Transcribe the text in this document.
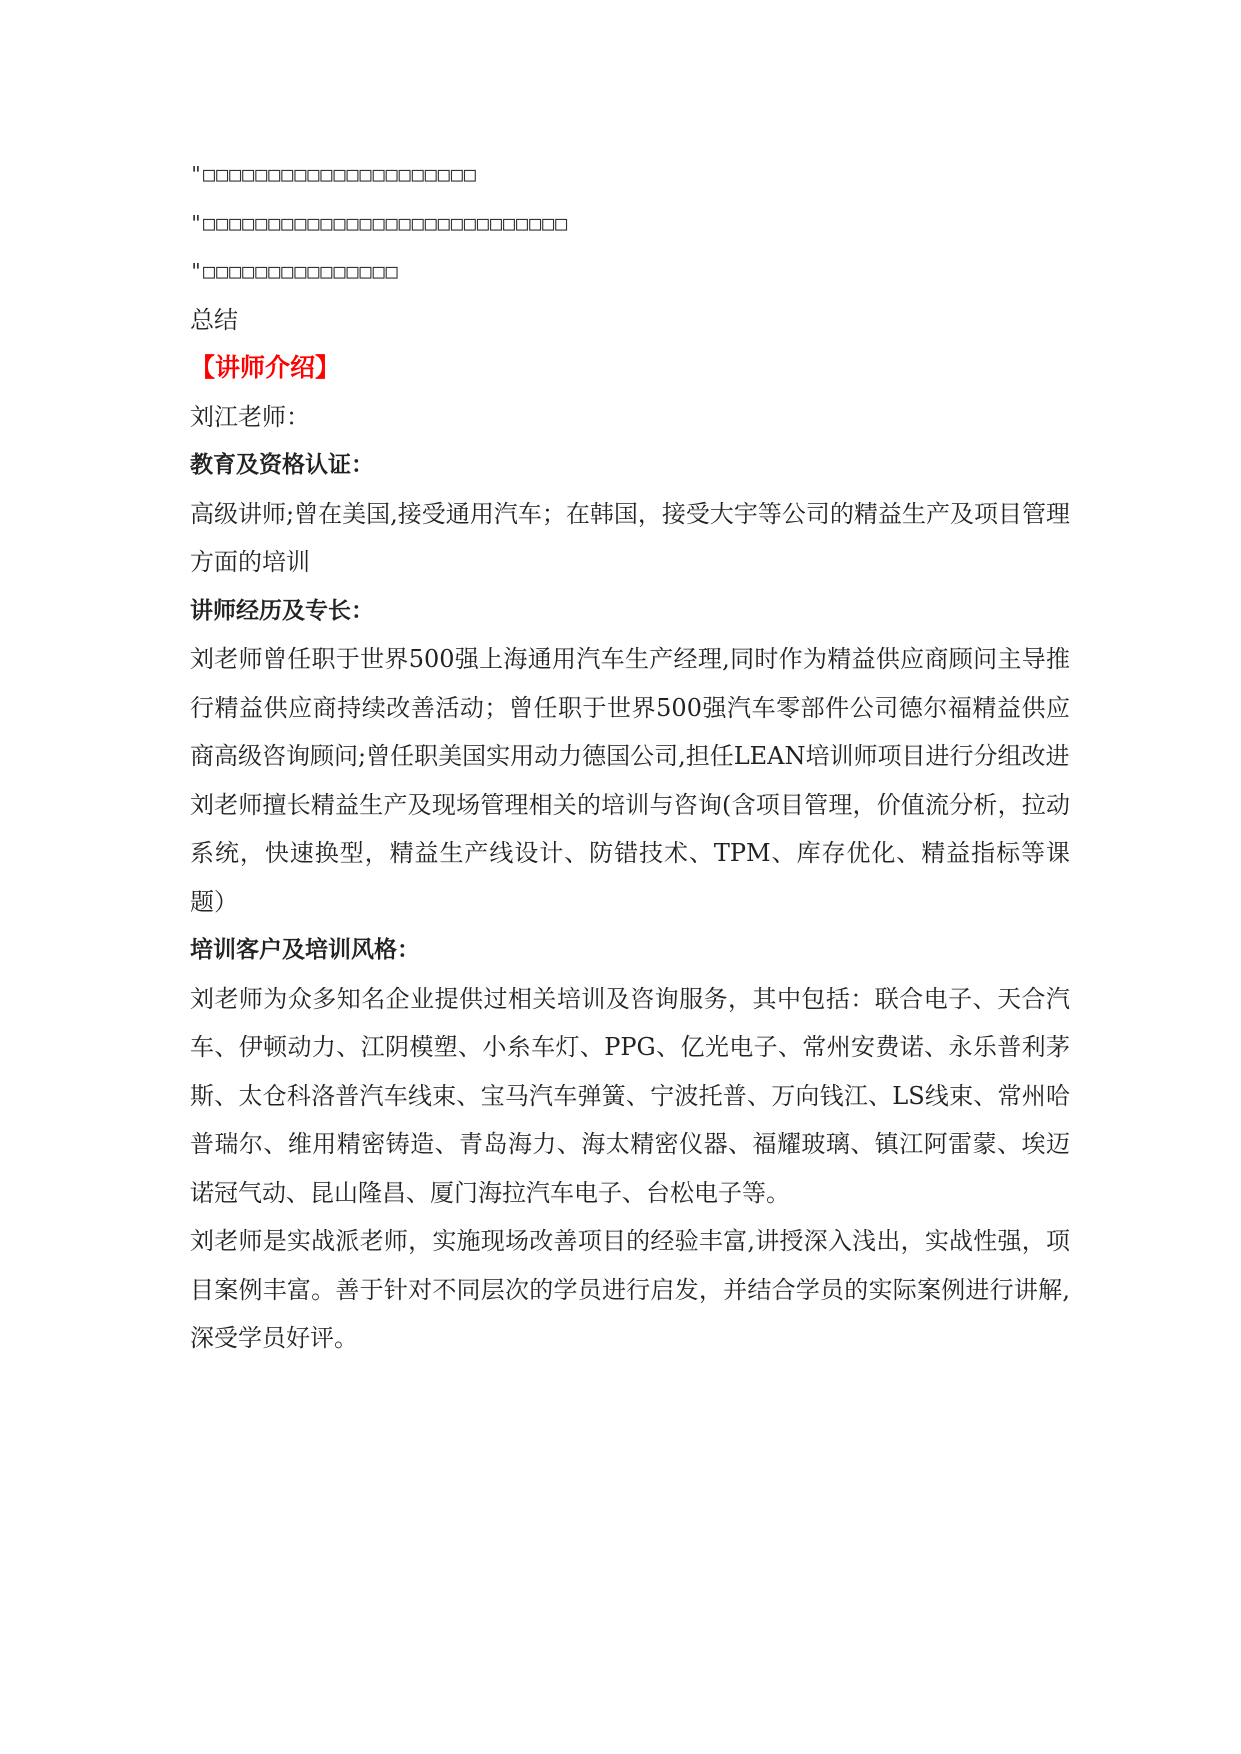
"□□□□□□□□□□□□□□□□□□□□□
"□□□□□□□□□□□□□□□□□□□□□□□□□□□□
"□□□□□□□□□□□□□□□
总结
【讲师介绍】
刘江老师：
教育及资格认证：
高级讲师;曾在美国,接受通用汽车；在韩国，接受大宇等公司的精益生产及项目管理方面的培训
讲师经历及专长：
刘老师曾任职于世界500强上海通用汽车生产经理,同时作为精益供应商顾问主导推行精益供应商持续改善活动；曾任职于世界500强汽车零部件公司德尔福精益供应商高级咨询顾问;曾任职美国实用动力德国公司,担任LEAN培训师项目进行分组改进
刘老师擅长精益生产及现场管理相关的培训与咨询(含项目管理，价值流分析，拉动系统，快速换型，精益生产线设计、防错技术、TPM、库存优化、精益指标等课题）
培训客户及培训风格：
刘老师为众多知名企业提供过相关培训及咨询服务，其中包括：联合电子、天合汽车、伊顿动力、江阴模塑、小糸车灯、PPG、亿光电子、常州安费诺、永乐普利茅斯、太仓科洛普汽车线束、宝马汽车弹簧、宁波托普、万向钱江、LS线束、常州哈普瑞尔、维用精密铸造、青岛海力、海太精密仪器、福耀玻璃、镇江阿雷蒙、埃迈诺冠气动、昆山隆昌、厦门海拉汽车电子、台松电子等。
刘老师是实战派老师，实施现场改善项目的经验丰富,讲授深入浅出，实战性强，项目案例丰富。善于针对不同层次的学员进行启发，并结合学员的实际案例进行讲解,深受学员好评。
